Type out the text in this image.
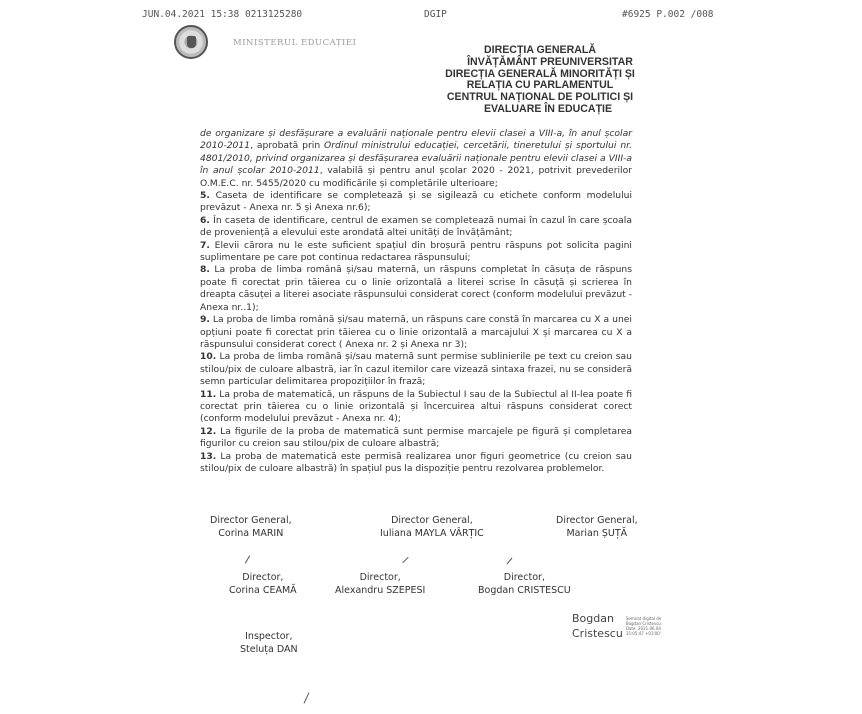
JUN.04.2021 15:38 0213125280	DGIP	#6925 P.002 /008
MINISTERUL EDUCAȚIEI
DIRECȚIA GENERALĂ
ÎNVĂȚĂMÂNT PREUNIVERSITAR
DIRECȚIA GENERALĂ MINORITĂȚI ȘI
RELAȚIA CU PARLAMENTUL
CENTRUL NAȚIONAL DE POLITICI ȘI
EVALUARE ÎN EDUCAȚIE

de organizare și desfășurare a evaluării naționale pentru elevii clasei a VIII-a, în anul școlar 2010-2011, aprobată prin Ordinul ministrului educației, cercetării, tineretului și sportului nr. 4801/2010, privind organizarea și desfășurarea evaluării naționale pentru elevii clasei a VIII-a în anul școlar 2010-2011, valabilă și pentru anul școlar 2020 - 2021, potrivit prevederilor O.M.E.C. nr. 5455/2020 cu modificările și completările ulterioare;

5. Caseta de identificare se completează și se sigilează cu etichete conform modelului prevăzut - Anexa nr. 5 și Anexa nr.6);

6. În caseta de identificare, centrul de examen se completează numai în cazul în care școala de proveniență a elevului este arondată altei unități de învățământ;

7. Elevii cărora nu le este suficient spațiul din broșură pentru răspuns pot solicita pagini suplimentare pe care pot continua redactarea răspunsului;

8. La proba de limba română și/sau maternă, un răspuns completat în căsuța de răspuns poate fi corectat prin tăierea cu o linie orizontală a literei scrise în căsuță și scrierea în dreapta căsuței a literei asociate răspunsului considerat corect (conform modelului prevăzut - Anexa nr..1);

9. La proba de limba română și/sau maternă, un răspuns care constă în marcarea cu X a unei opțiuni poate fi corectat prin tăierea cu o linie orizontală a marcajului X și marcarea cu X a răspunsului considerat corect ( Anexa nr. 2 și Anexa nr 3);

10. La proba de limba română și/sau maternă sunt permise sublinierile pe text cu creion sau stilou/pix de culoare albastră, iar în cazul itemilor care vizează sintaxa frazei, nu se consideră semn particular delimitarea propozițiilor în frază;

11. La proba de matematică, un răspuns de la Subiectul I sau de la Subiectul al II-lea poate fi corectat prin tăierea cu o linie orizontală și încercuirea altui răspuns considerat corect (conform modelului prevăzut - Anexa nr. 4);

12. La figurile de la proba de matematică sunt permise marcajele pe figură și completarea figurilor cu creion sau stilou/pix de culoare albastră;

13. La proba de matematică este permisă realizarea unor figuri geometrice (cu creion sau stilou/pix de culoare albastră) în spațiul pus la dispoziție pentru rezolvarea problemelor.

Director General,
Corina MARIN
Director General,
Iuliana MAYLA VÂRȚIC
Director General,
Marian ȘUȚĂ
Director,
Corina CEAMĂ
Director,
Alexandru SZEPESI
Director,
Bogdan CRISTESCU
Inspector,
Steluța DAN
Bogdan
Cristescu
Semnat digital de
Bogdan Cristescu
Date: 2021.06.04
15:05:47 +03'00'
